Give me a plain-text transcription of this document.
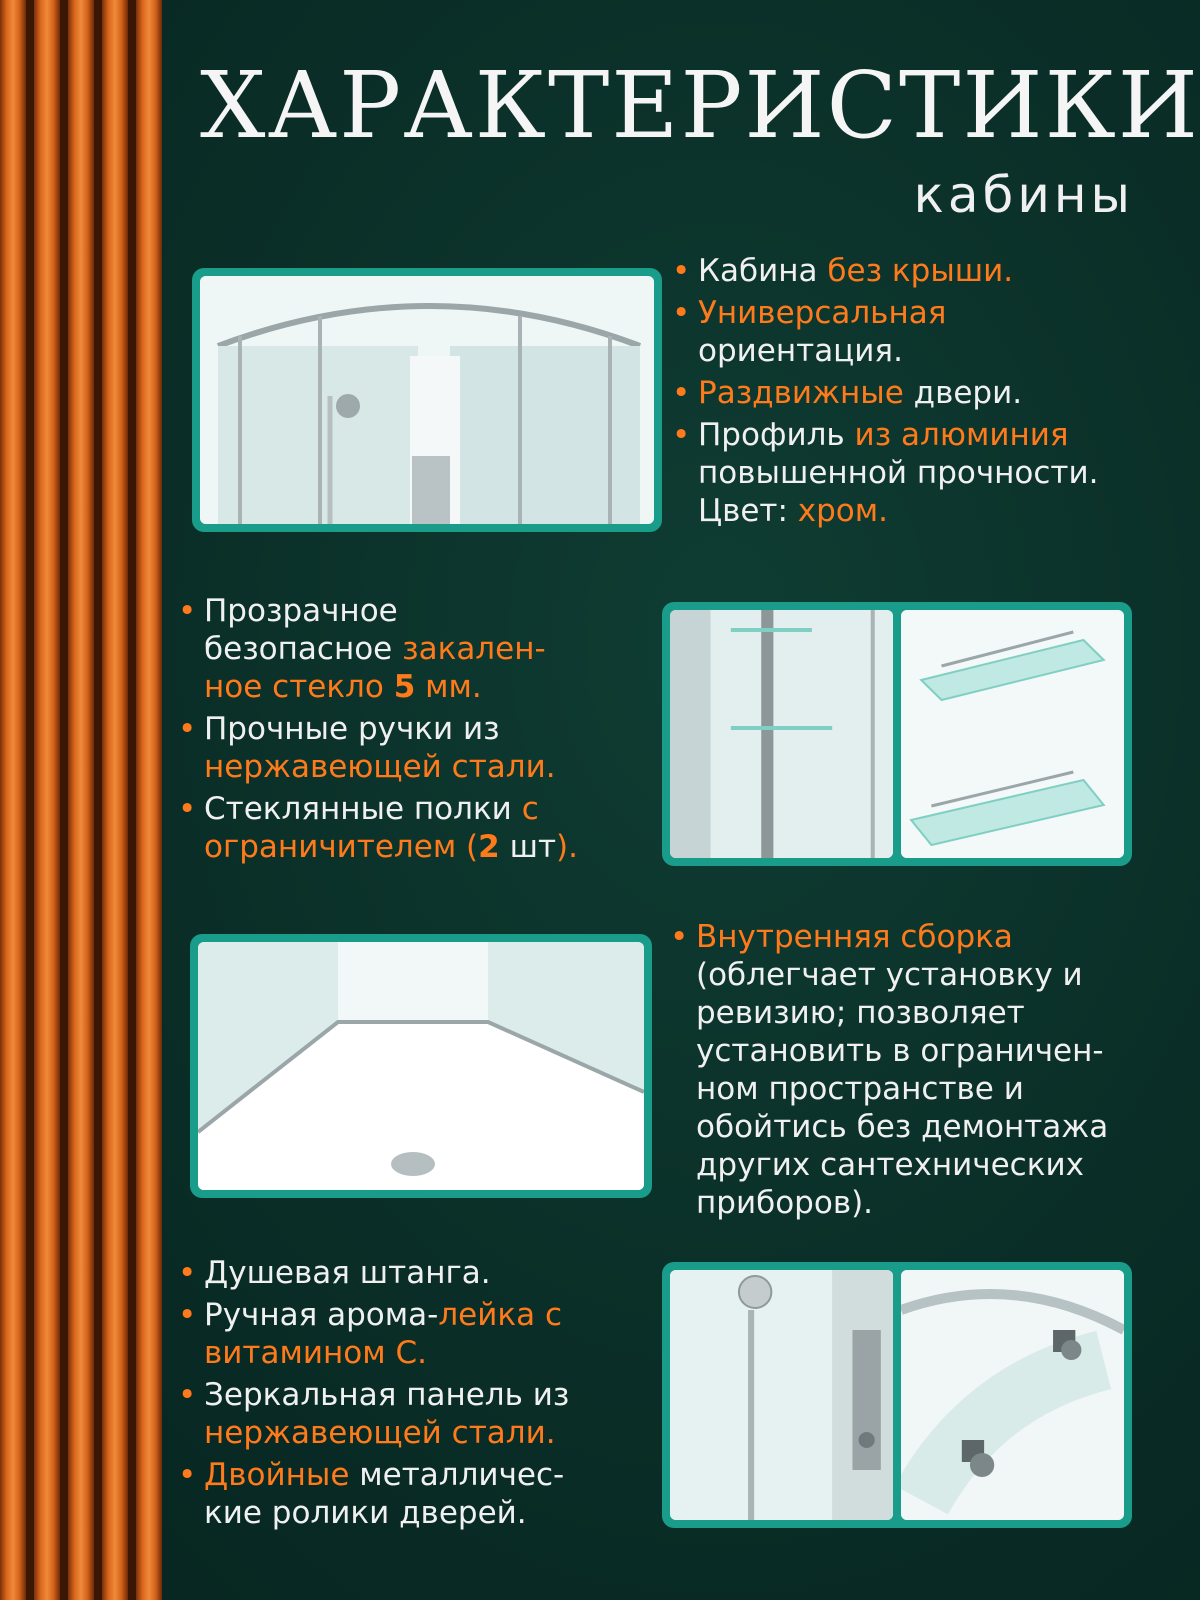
ХАРАКТЕРИСТИКИ
кабины
• Кабина без крыши.
• Универсальная
ориентация.
• Раздвижные двери.
• Профиль из алюминия
повышенной прочности.
Цвет: хром.
• Прозрачное
безопасное закален-
ное стекло 5 мм.
• Прочные ручки из
нержавеющей стали.
• Стеклянные полки с
ограничителем (2 шт).
• Внутренняя сборка
(облегчает установку и
ревизию; позволяет
установить в ограничен-
ном пространстве и
обойтись без демонтажа
других сантехнических
приборов).
• Душевая штанга.
• Ручная арома-лейка с
витамином С.
• Зеркальная панель из
нержавеющей стали.
• Двойные металличес-
кие ролики дверей.
